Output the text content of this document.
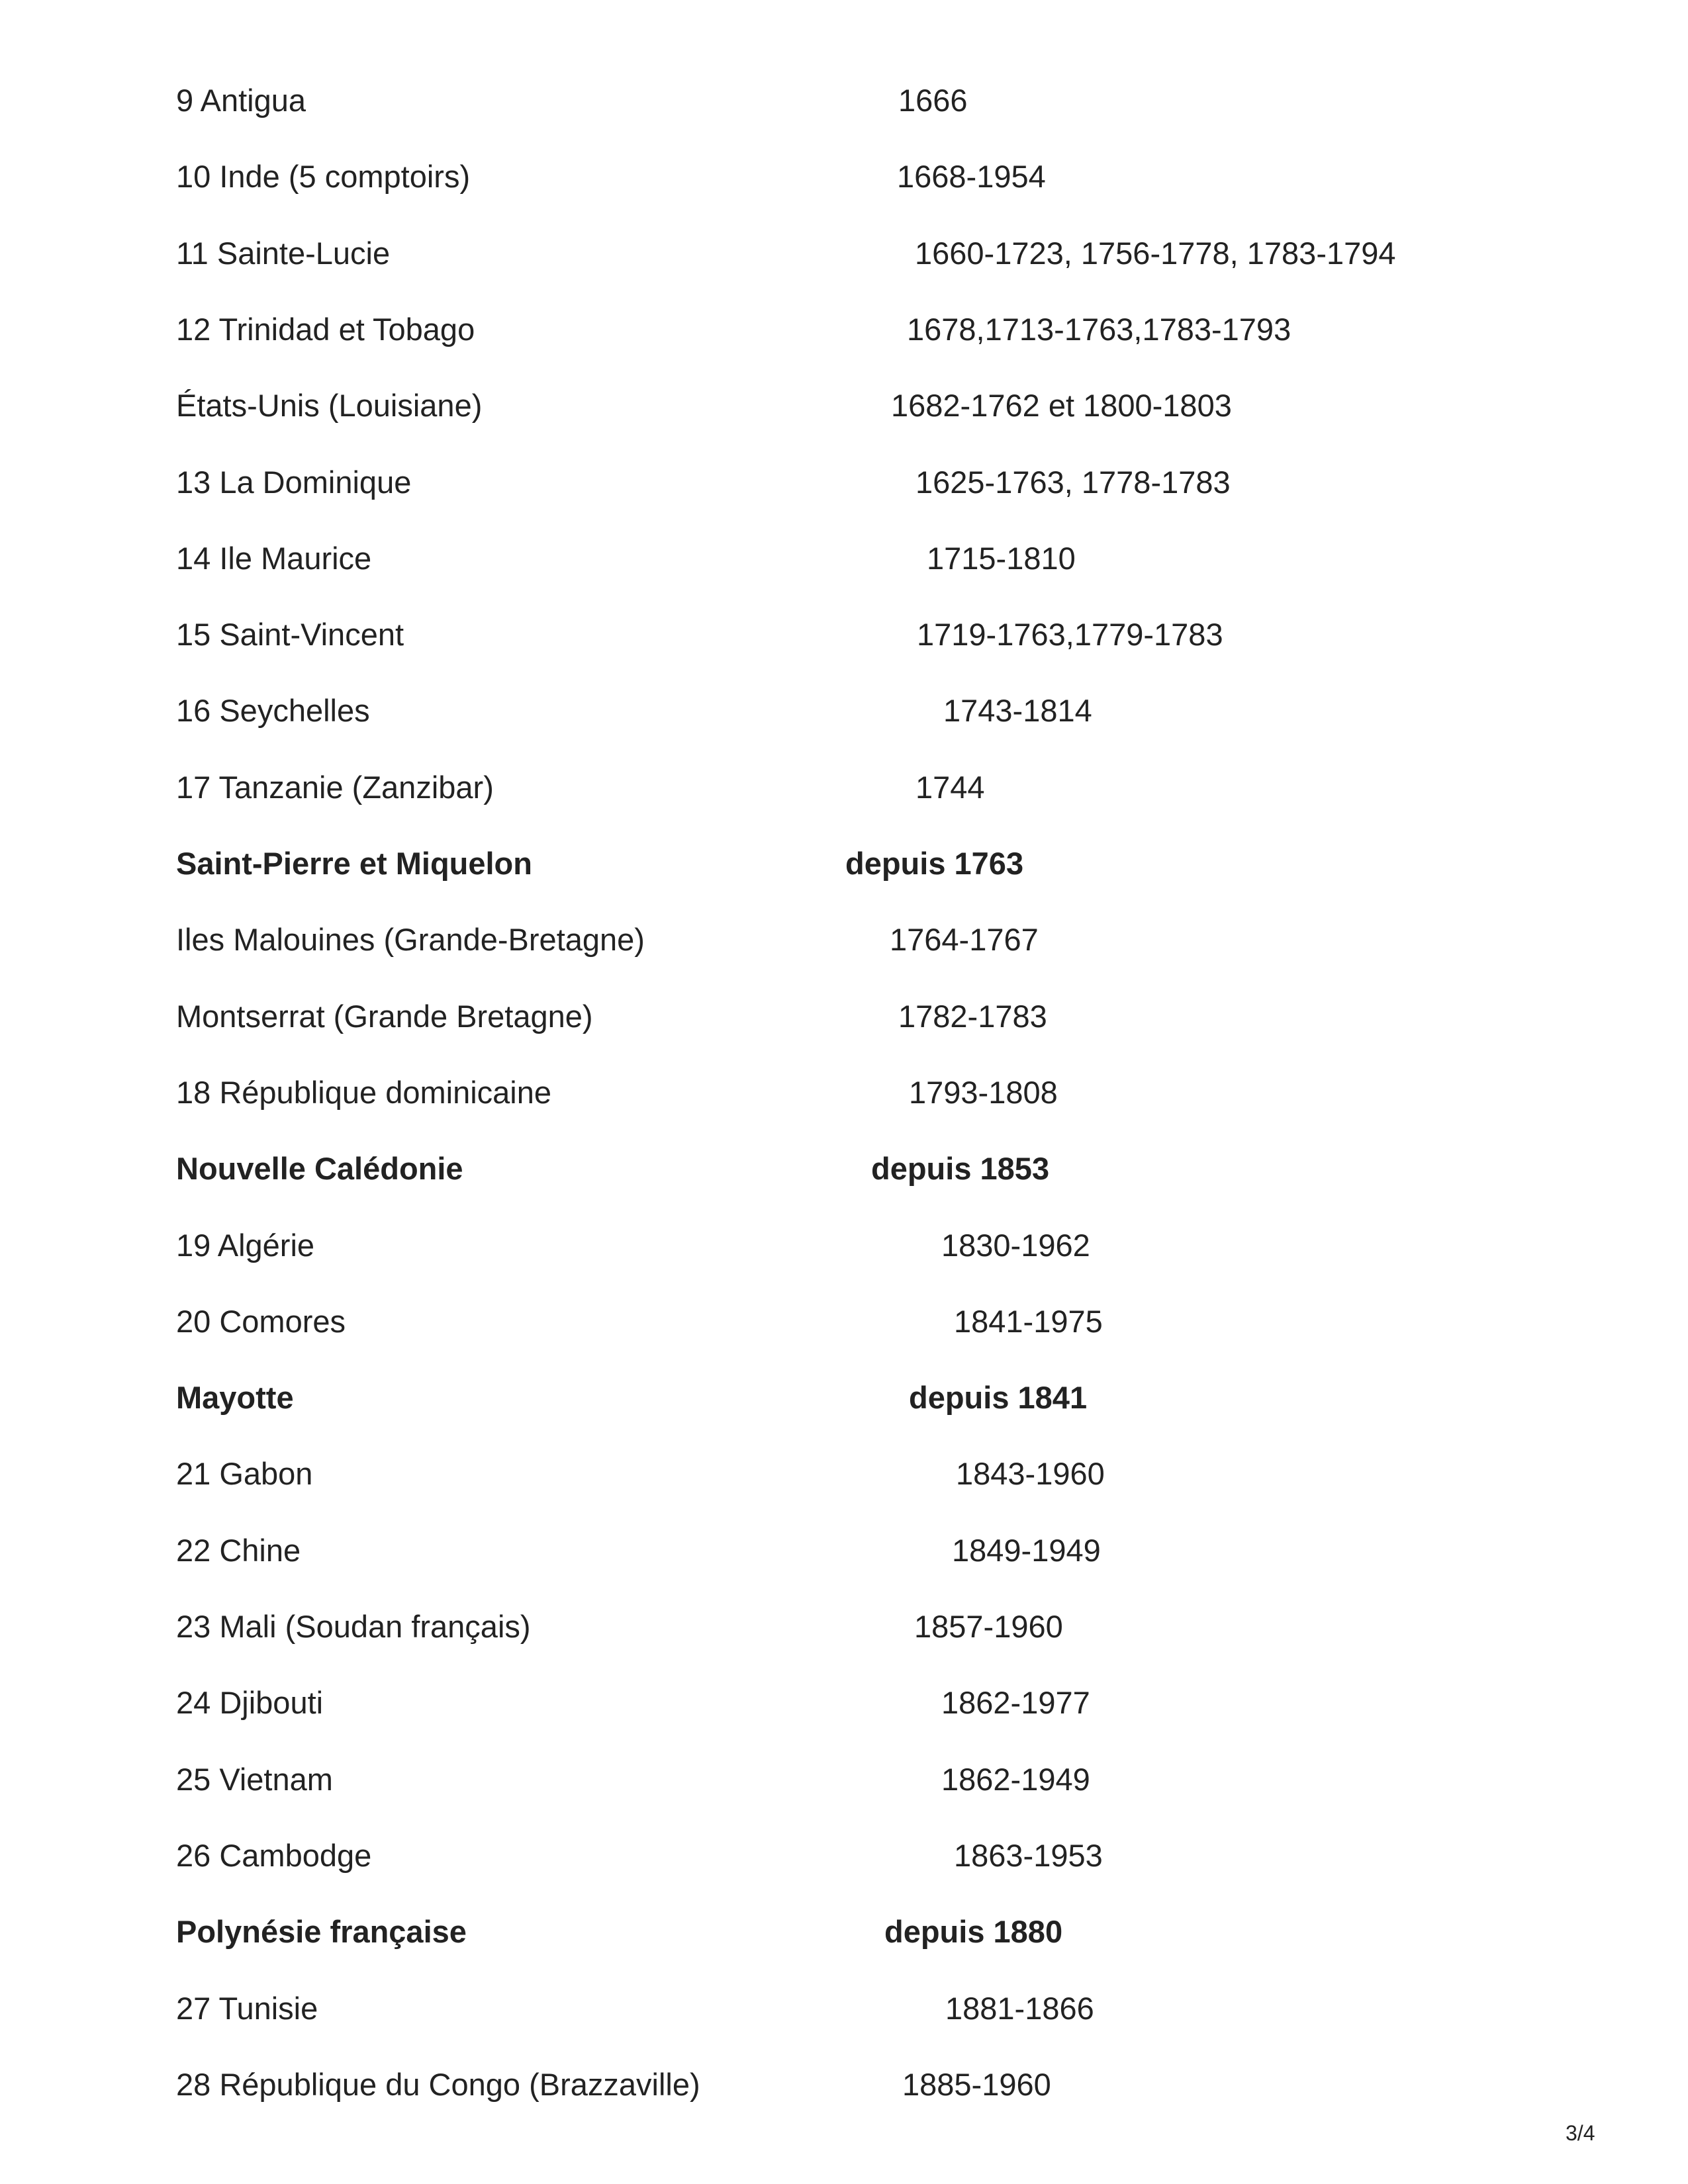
9 Antigua	1666
10 Inde (5 comptoirs)	1668-1954
11 Sainte-Lucie	1660-1723, 1756-1778, 1783-1794
12 Trinidad et Tobago	1678,1713-1763,1783-1793
États-Unis (Louisiane)	1682-1762 et 1800-1803
13 La Dominique	1625-1763, 1778-1783
14 Ile Maurice	1715-1810
15 Saint-Vincent	1719-1763,1779-1783
16 Seychelles	1743-1814
17 Tanzanie (Zanzibar)	1744
Saint-Pierre et Miquelon	depuis 1763
Iles Malouines (Grande-Bretagne)	1764-1767
Montserrat (Grande Bretagne)	1782-1783
18 République dominicaine	1793-1808
Nouvelle Calédonie	depuis 1853
19 Algérie	1830-1962
20 Comores	1841-1975
Mayotte	depuis 1841
21 Gabon	1843-1960
22 Chine	1849-1949
23 Mali (Soudan français)	1857-1960
24 Djibouti	1862-1977
25 Vietnam	1862-1949
26 Cambodge	1863-1953
Polynésie française	depuis 1880
27 Tunisie	1881-1866
28 République du Congo (Brazzaville)	1885-1960
3/4
